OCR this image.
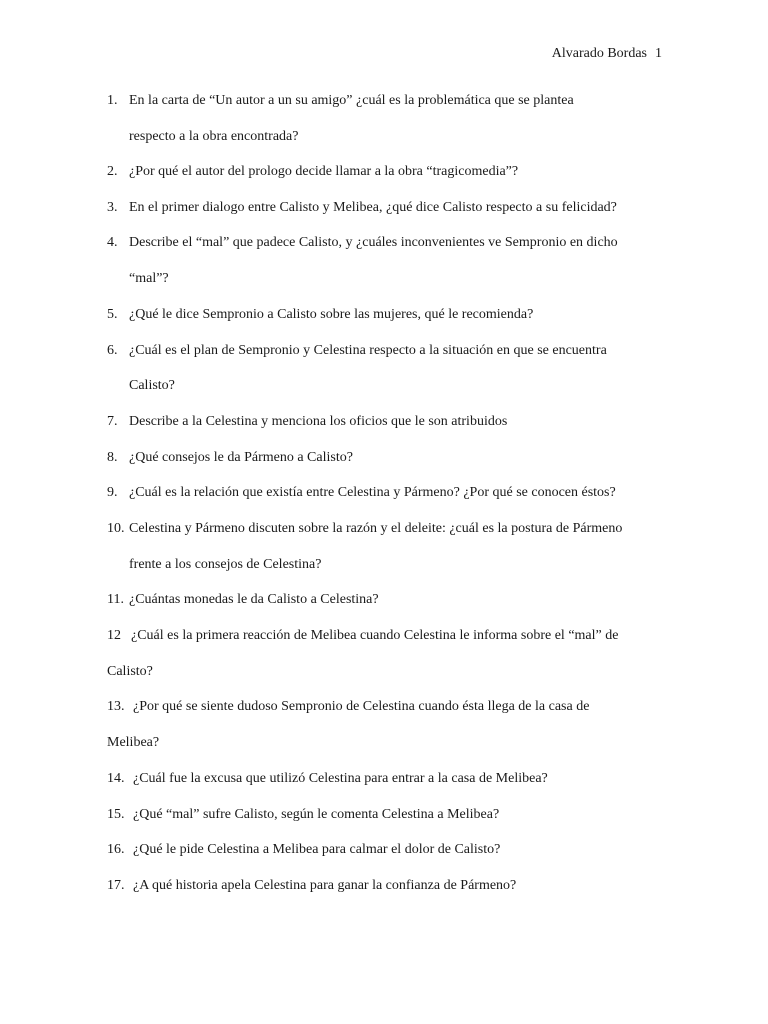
Alvarado Bordas 1
1. En la carta de “Un autor a un su amigo” ¿cuál es la problemática que se plantea
respecto a la obra encontrada?
2. ¿Por qué el autor del prologo decide llamar a la obra “tragicomedia”?
3. En el primer dialogo entre Calisto y Melibea, ¿qué dice Calisto respecto a su felicidad?
4. Describe el “mal” que padece Calisto, y ¿cuáles inconvenientes ve Sempronio en dicho
“mal”?
5. ¿Qué le dice Sempronio a Calisto sobre las mujeres, qué le recomienda?
6. ¿Cuál es el plan de Sempronio y Celestina respecto a la situación en que se encuentra
Calisto?
7. Describe a la Celestina y menciona los oficios que le son atribuidos
8. ¿Qué consejos le da Pármeno a Calisto?
9. ¿Cuál es la relación que existía entre Celestina y Pármeno? ¿Por qué se conocen éstos?
10. Celestina y Pármeno discuten sobre la razón y el deleite: ¿cuál es la postura de Pármeno
frente a los consejos de Celestina?
11. ¿Cuántas monedas le da Calisto a Celestina?
12 ¿Cuál es la primera reacción de Melibea cuando Celestina le informa sobre el “mal” de
Calisto?
13. ¿Por qué se siente dudoso Sempronio de Celestina cuando ésta llega de la casa de
Melibea?
14. ¿Cuál fue la excusa que utilizó Celestina para entrar a la casa de Melibea?
15. ¿Qué “mal” sufre Calisto, según le comenta Celestina a Melibea?
16. ¿Qué le pide Celestina a Melibea para calmar el dolor de Calisto?
17. ¿A qué historia apela Celestina para ganar la confianza de Pármeno?
